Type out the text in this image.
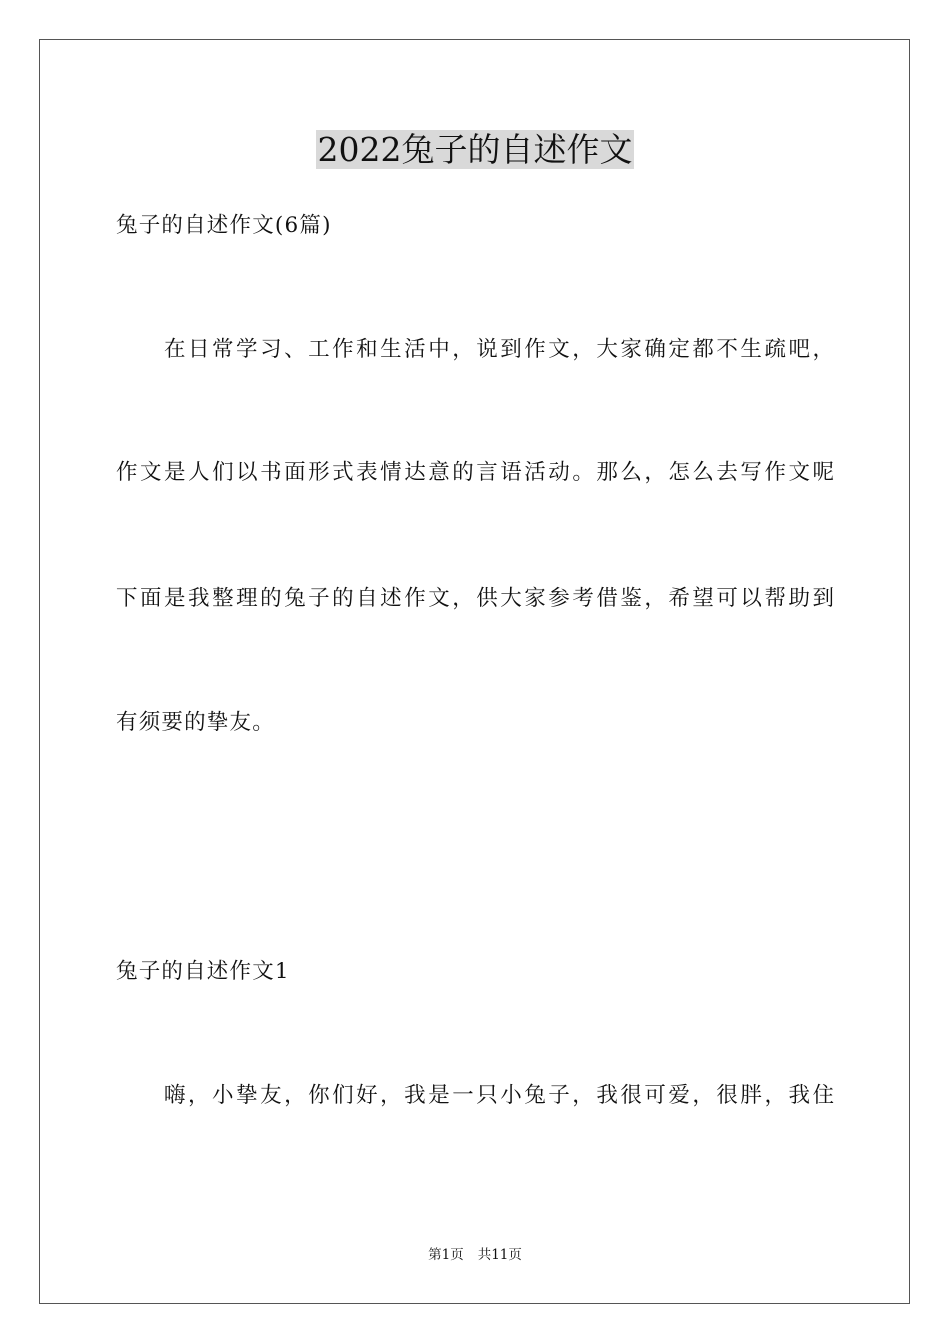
2022兔子的自述作文
兔子的自述作文(6篇)
在日常学习、工作和生活中，说到作文，大家确定都不生疏吧，
作文是人们以书面形式表情达意的言语活动。那么，怎么去写作文呢
下面是我整理的兔子的自述作文，供大家参考借鉴，希望可以帮助到
有须要的挚友。
兔子的自述作文1
嗨，小挚友，你们好，我是一只小兔子，我很可爱，很胖，我住
第1页 共11页
